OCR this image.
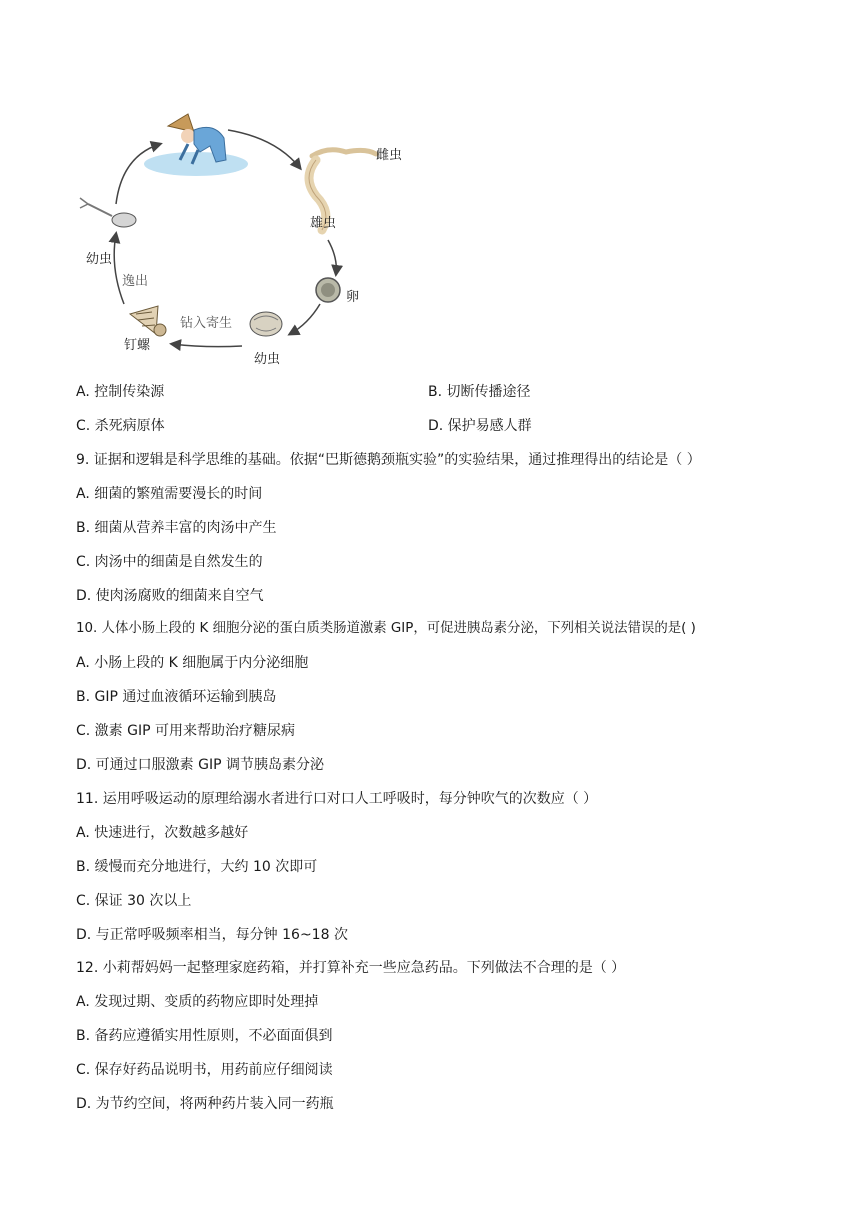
雌虫
雄虫
卵
幼虫
钉螺
幼虫
逸出
钻入寄生
A. 控制传染源	B. 切断传播途径
C. 杀死病原体	D. 保护易感人群
9. 证据和逻辑是科学思维的基础。依据“巴斯德鹅颈瓶实验”的实验结果，通过推理得出的结论是（ ）
A. 细菌的繁殖需要漫长的时间
B. 细菌从营养丰富的肉汤中产生
C. 肉汤中的细菌是自然发生的
D. 使肉汤腐败的细菌来自空气
10. 人体小肠上段的 K 细胞分泌的蛋白质类肠道激素 GIP，可促进胰岛素分泌，下列相关说法错误的是( )
A. 小肠上段的 K 细胞属于内分泌细胞
B. GIP 通过血液循环运输到胰岛
C. 激素 GIP 可用来帮助治疗糖尿病
D. 可通过口服激素 GIP 调节胰岛素分泌
11. 运用呼吸运动的原理给溺水者进行口对口人工呼吸时，每分钟吹气的次数应（ ）
A. 快速进行，次数越多越好
B. 缓慢而充分地进行，大约 10 次即可
C. 保证 30 次以上
D. 与正常呼吸频率相当，每分钟 16~18 次
12. 小莉帮妈妈一起整理家庭药箱，并打算补充一些应急药品。下列做法不合理的是（ ）
A. 发现过期、变质的药物应即时处理掉
B. 备药应遵循实用性原则，不必面面俱到
C. 保存好药品说明书，用药前应仔细阅读
D. 为节约空间，将两种药片装入同一药瓶
